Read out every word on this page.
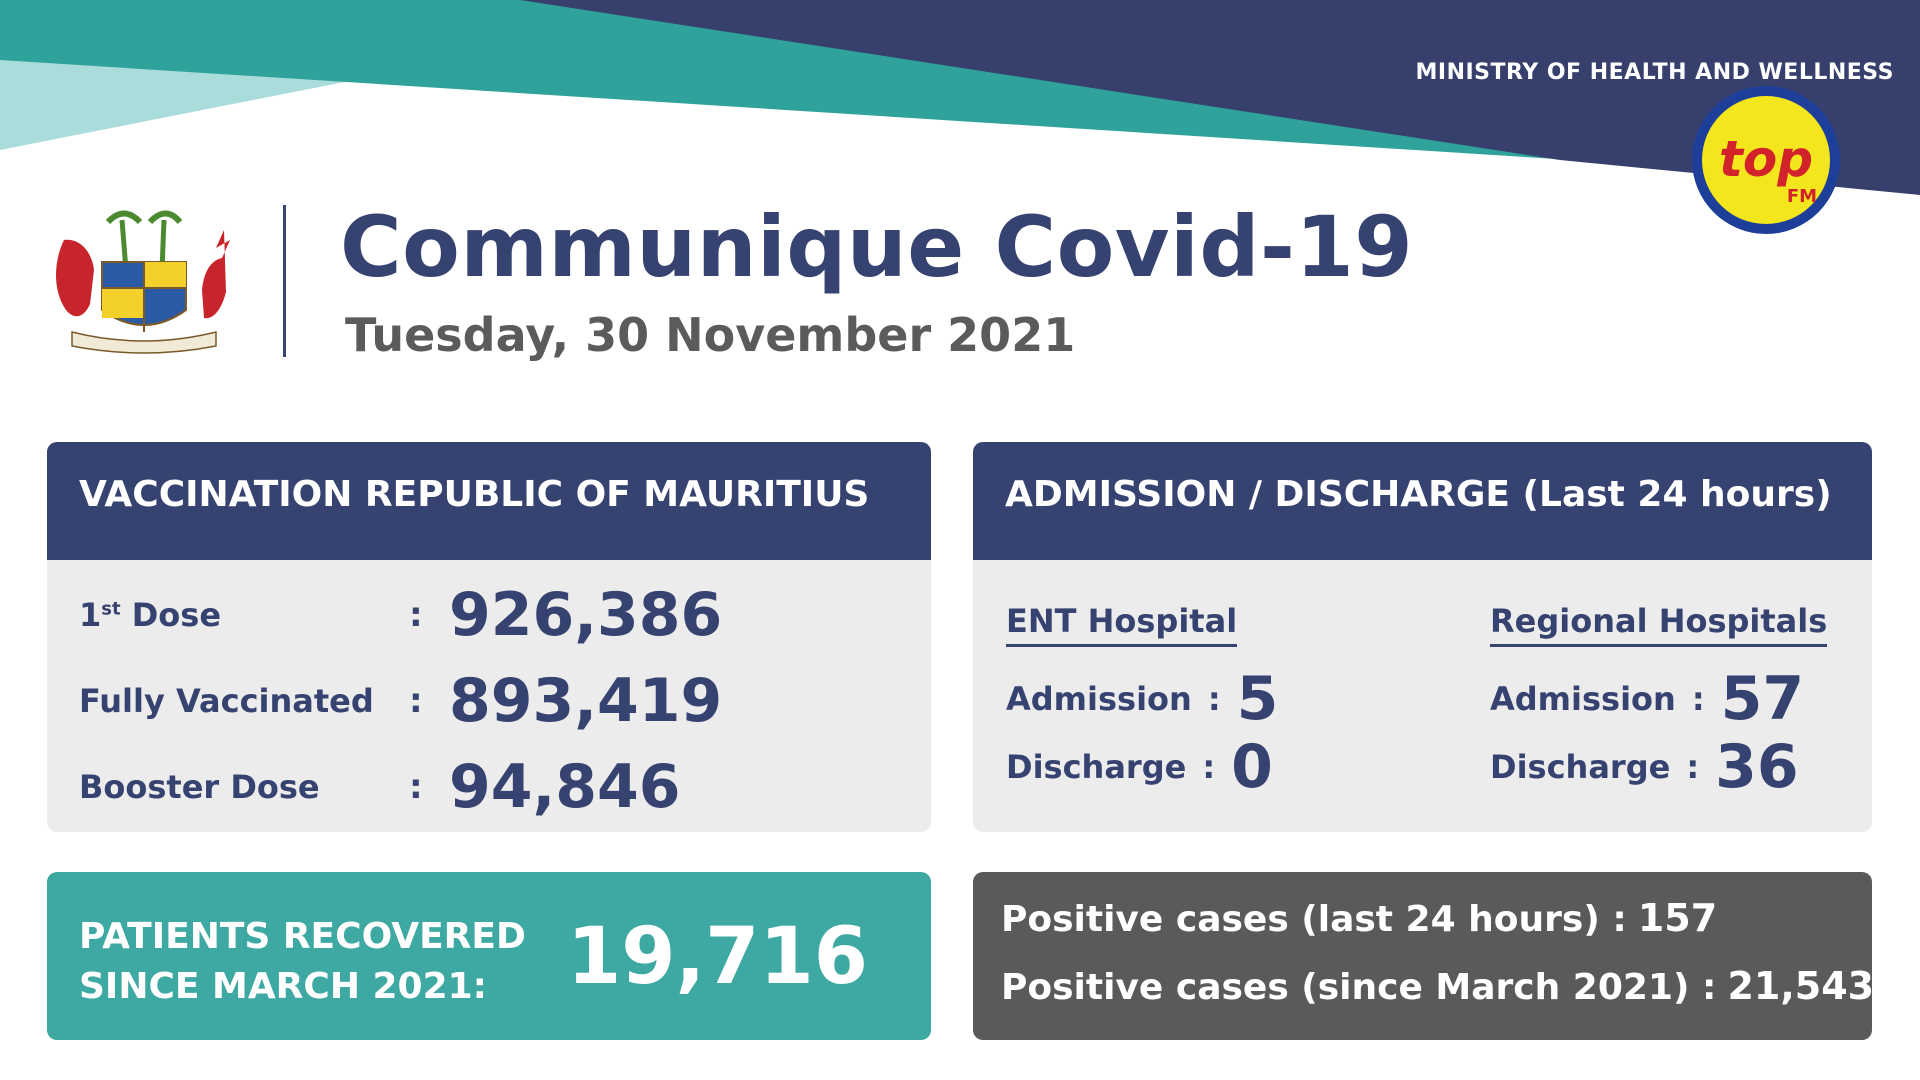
MINISTRY OF HEALTH AND WELLNESS
top
FM
Communique Covid-19
Tuesday, 30 November 2021
VACCINATION REPUBLIC OF MAURITIUS
1st Dose	: 926,386
Fully Vaccinated	: 893,419
Booster Dose	: 94,846
ADMISSION / DISCHARGE (Last 24 hours)
ENT Hospital
Admission : 5
Discharge : 0
Regional Hospitals
Admission : 57
Discharge : 36
PATIENTS RECOVERED
SINCE MARCH 2021:	19,716	Positive cases (last 24 hours) : 157
Positive cases (since March 2021) : 21,543
